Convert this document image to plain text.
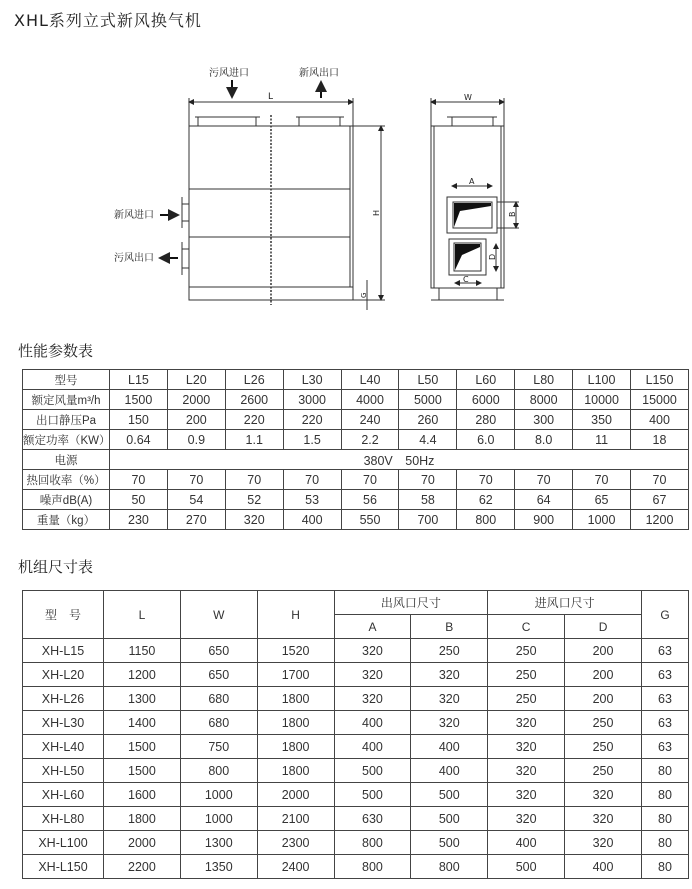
XHL系列立式新风换气机
污风进口	新风出口
新风进口
污风出口
L
H
G
W
A
B
D
C
性能参数表
型号	L15	L20	L26	L30	L40	L50	L60	L80	L100	L150
额定风量m³/h	1500	2000	2600	3000	4000	5000	6000	8000	10000	15000
出口静压Pa	150	200	220	220	240	260	280	300	350	400
额定功率（KW）	0.64	0.9	1.1	1.5	2.2	4.4	6.0	8.0	11	18
电源	380V　50Hz									
热回收率（%）	70	70	70	70	70	70	70	70	70	70
噪声dB(A)	50	54	52	53	56	58	62	64	65	67
重量（kg）	230	270	320	400	550	700	800	900	1000	1200
机组尺寸表
型　号	L	W	H	出风口尺寸		进风口尺寸		G
				A	B	C	D	
XH-L15	1150	650	1520	320	250	250	200	63
XH-L20	1200	650	1700	320	320	250	200	63
XH-L26	1300	680	1800	320	320	250	200	63
XH-L30	1400	680	1800	400	320	320	250	63
XH-L40	1500	750	1800	400	400	320	250	63
XH-L50	1500	800	1800	500	400	320	250	80
XH-L60	1600	1000	2000	500	500	320	320	80
XH-L80	1800	1000	2100	630	500	320	320	80
XH-L100	2000	1300	2300	800	500	400	320	80
XH-L150	2200	1350	2400	800	800	500	400	80
